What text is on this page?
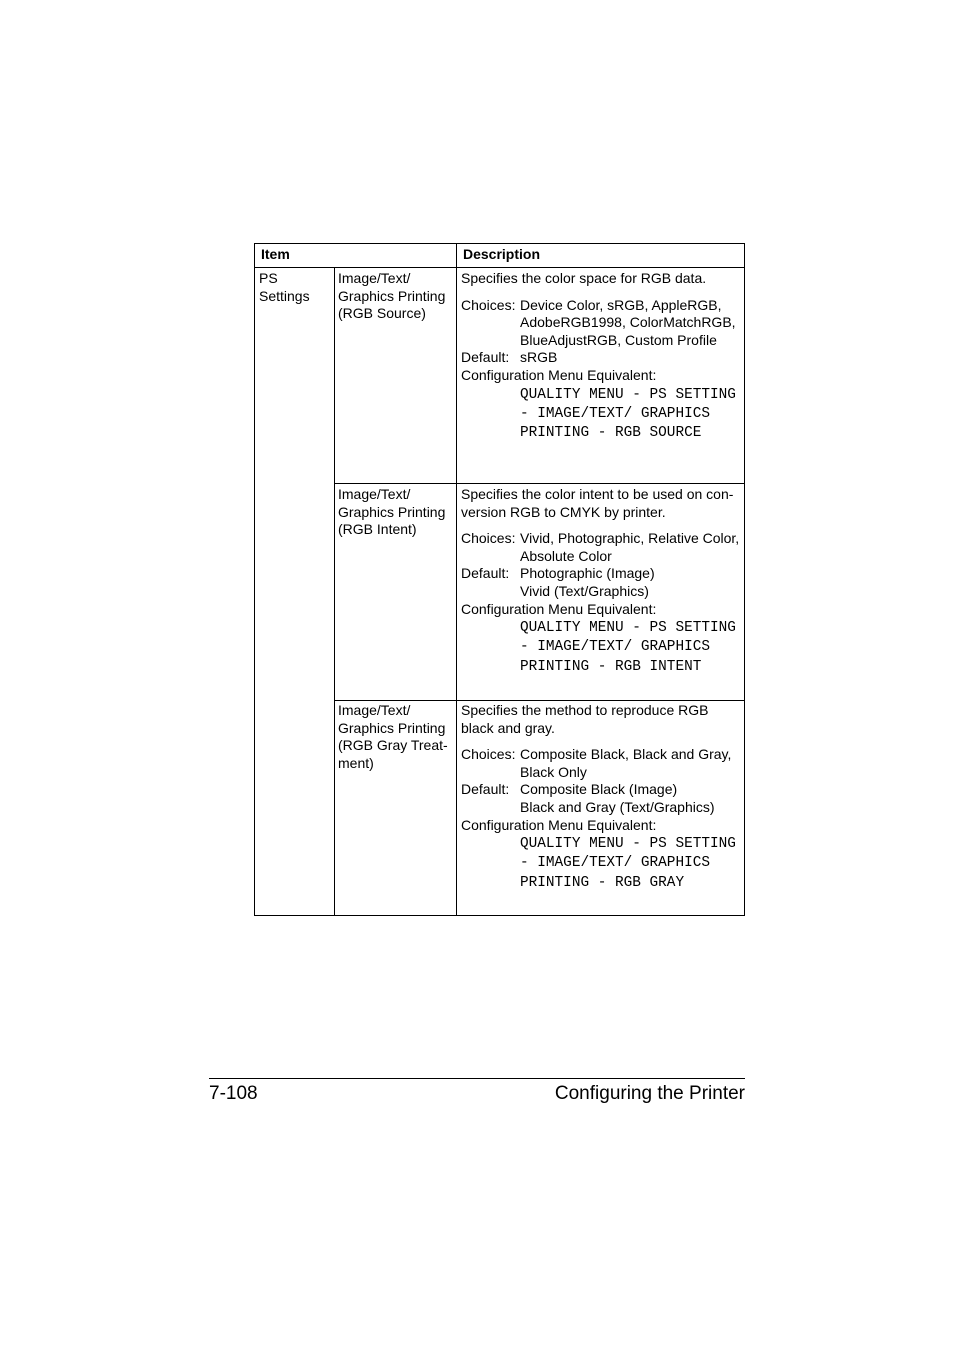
Item	Description
PS Settings
Image/Text/ Graphics Printing (RGB Source)

Specifies the color space for RGB data.

Choices: Device Color, sRGB, AppleRGB, AdobeRGB1998, ColorMatchRGB, BlueAdjustRGB, Custom Profile
Default: sRGB

Configuration Menu Equivalent:

QUALITY MENU - PS SETTING - IMAGE/TEXT/ GRAPHICS PRINTING - RGB SOURCE
Image/Text/ Graphics Printing (RGB Intent)

Specifies the color intent to be used on con-version RGB to CMYK by printer.

Choices: Vivid, Photographic, Relative Color, Absolute Color
Default: Photographic (Image)
Vivid (Text/Graphics)

Configuration Menu Equivalent:

QUALITY MENU - PS SETTING - IMAGE/TEXT/ GRAPHICS PRINTING - RGB INTENT
Image/Text/ Graphics Printing (RGB Gray Treat-ment)

Specifies the method to reproduce RGB black and gray.

Choices: Composite Black, Black and Gray, Black Only
Default: Composite Black (Image)
Black and Gray (Text/Graphics)

Configuration Menu Equivalent:

QUALITY MENU - PS SETTING - IMAGE/TEXT/ GRAPHICS PRINTING - RGB GRAY
7-108	Configuring the Printer
